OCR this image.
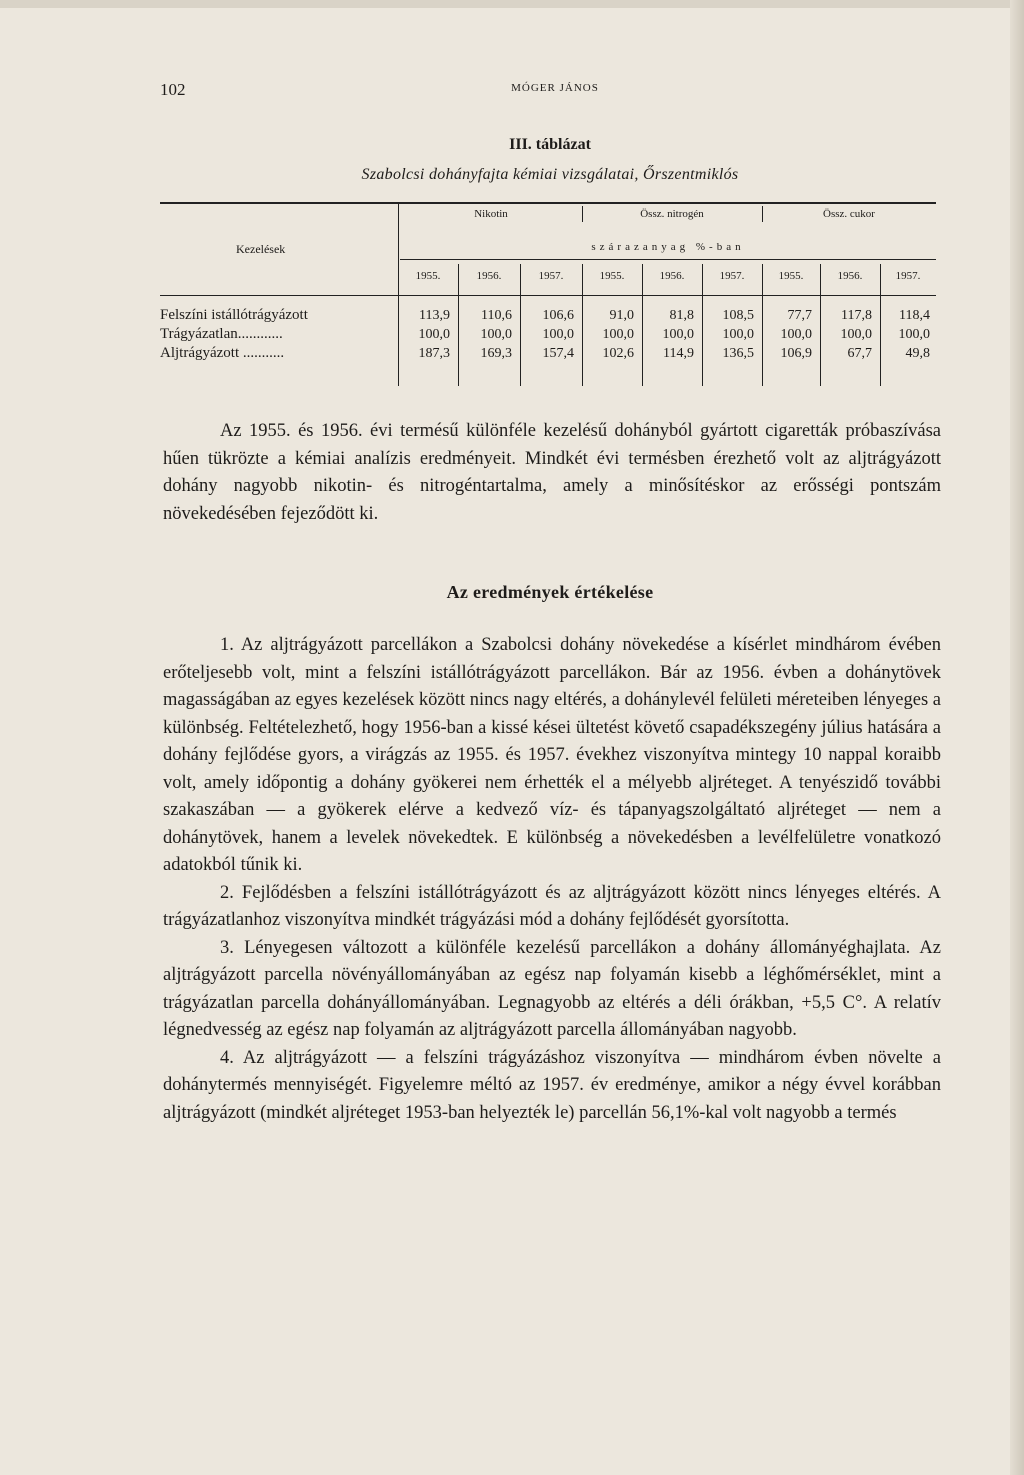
102	MÓGER JÁNOS
III. táblázat
Szabolcsi dohányfajta kémiai vizsgálatai, Őrszentmiklós
Kezelések
Nikotin	Össz. nitrogén	Össz. cukor
szárazanyag %-ban
1955.	1956.	1957.	1955.	1956.	1957.	1955.	1956.	1957.
Felszíni istállótrágyázott	113,9	110,6	106,6	91,0	81,8	108,5	77,7	117,8	118,4
Trágyázatlan............	100,0	100,0	100,0	100,0	100,0	100,0	100,0	100,0	100,0
Aljtrágyázott ...........	187,3	169,3	157,4	102,6	114,9	136,5	106,9	67,7	49,8

Az 1955. és 1956. évi termésű különféle kezelésű dohányból gyártott cigaretták próbaszívása hűen tükrözte a kémiai analízis eredményeit. Mindkét évi termésben érezhető volt az aljtrágyázott dohány nagyobb nikotin- és nitrogéntartalma, amely a minősítéskor az erősségi pontszám növekedésében fejeződött ki.

Az eredmények értékelése

1. Az aljtrágyázott parcellákon a Szabolcsi dohány növekedése a kísérlet mindhárom évében erőteljesebb volt, mint a felszíni istállótrágyázott parcellákon. Bár az 1956. évben a dohánytövek magasságában az egyes kezelések között nincs nagy eltérés, a dohánylevél felületi méreteiben lényeges a különbség. Feltételezhető, hogy 1956-ban a kissé kései ültetést követő csapadékszegény július hatására a dohány fejlődése gyors, a virágzás az 1955. és 1957. évekhez viszonyítva mintegy 10 nappal koraibb volt, amely időpontig a dohány gyökerei nem érhették el a mélyebb aljréteget. A tenyészidő további szakaszában — a gyökerek elérve a kedvező víz- és tápanyagszolgáltató aljréteget — nem a dohánytövek, hanem a levelek növekedtek. E különbség a növekedésben a levélfelületre vonatkozó adatokból tűnik ki.

2. Fejlődésben a felszíni istállótrágyázott és az aljtrágyázott között nincs lényeges eltérés. A trágyázatlanhoz viszonyítva mindkét trágyázási mód a dohány fejlődését gyorsította.

3. Lényegesen változott a különféle kezelésű parcellákon a dohány állományéghajlata. Az aljtrágyázott parcella növényállományában az egész nap folyamán kisebb a léghőmérséklet, mint a trágyázatlan parcella dohányállományában. Legnagyobb az eltérés a déli órákban, +5,5 C°. A relatív légnedvesség az egész nap folyamán az aljtrágyázott parcella állományában nagyobb.

4. Az aljtrágyázott — a felszíni trágyázáshoz viszonyítva — mindhárom évben növelte a dohánytermés mennyiségét. Figyelemre méltó az 1957. év eredménye, amikor a négy évvel korábban aljtrágyázott (mindkét aljréteget 1953-ban helyezték le) parcellán 56,1%-kal volt nagyobb a termés
